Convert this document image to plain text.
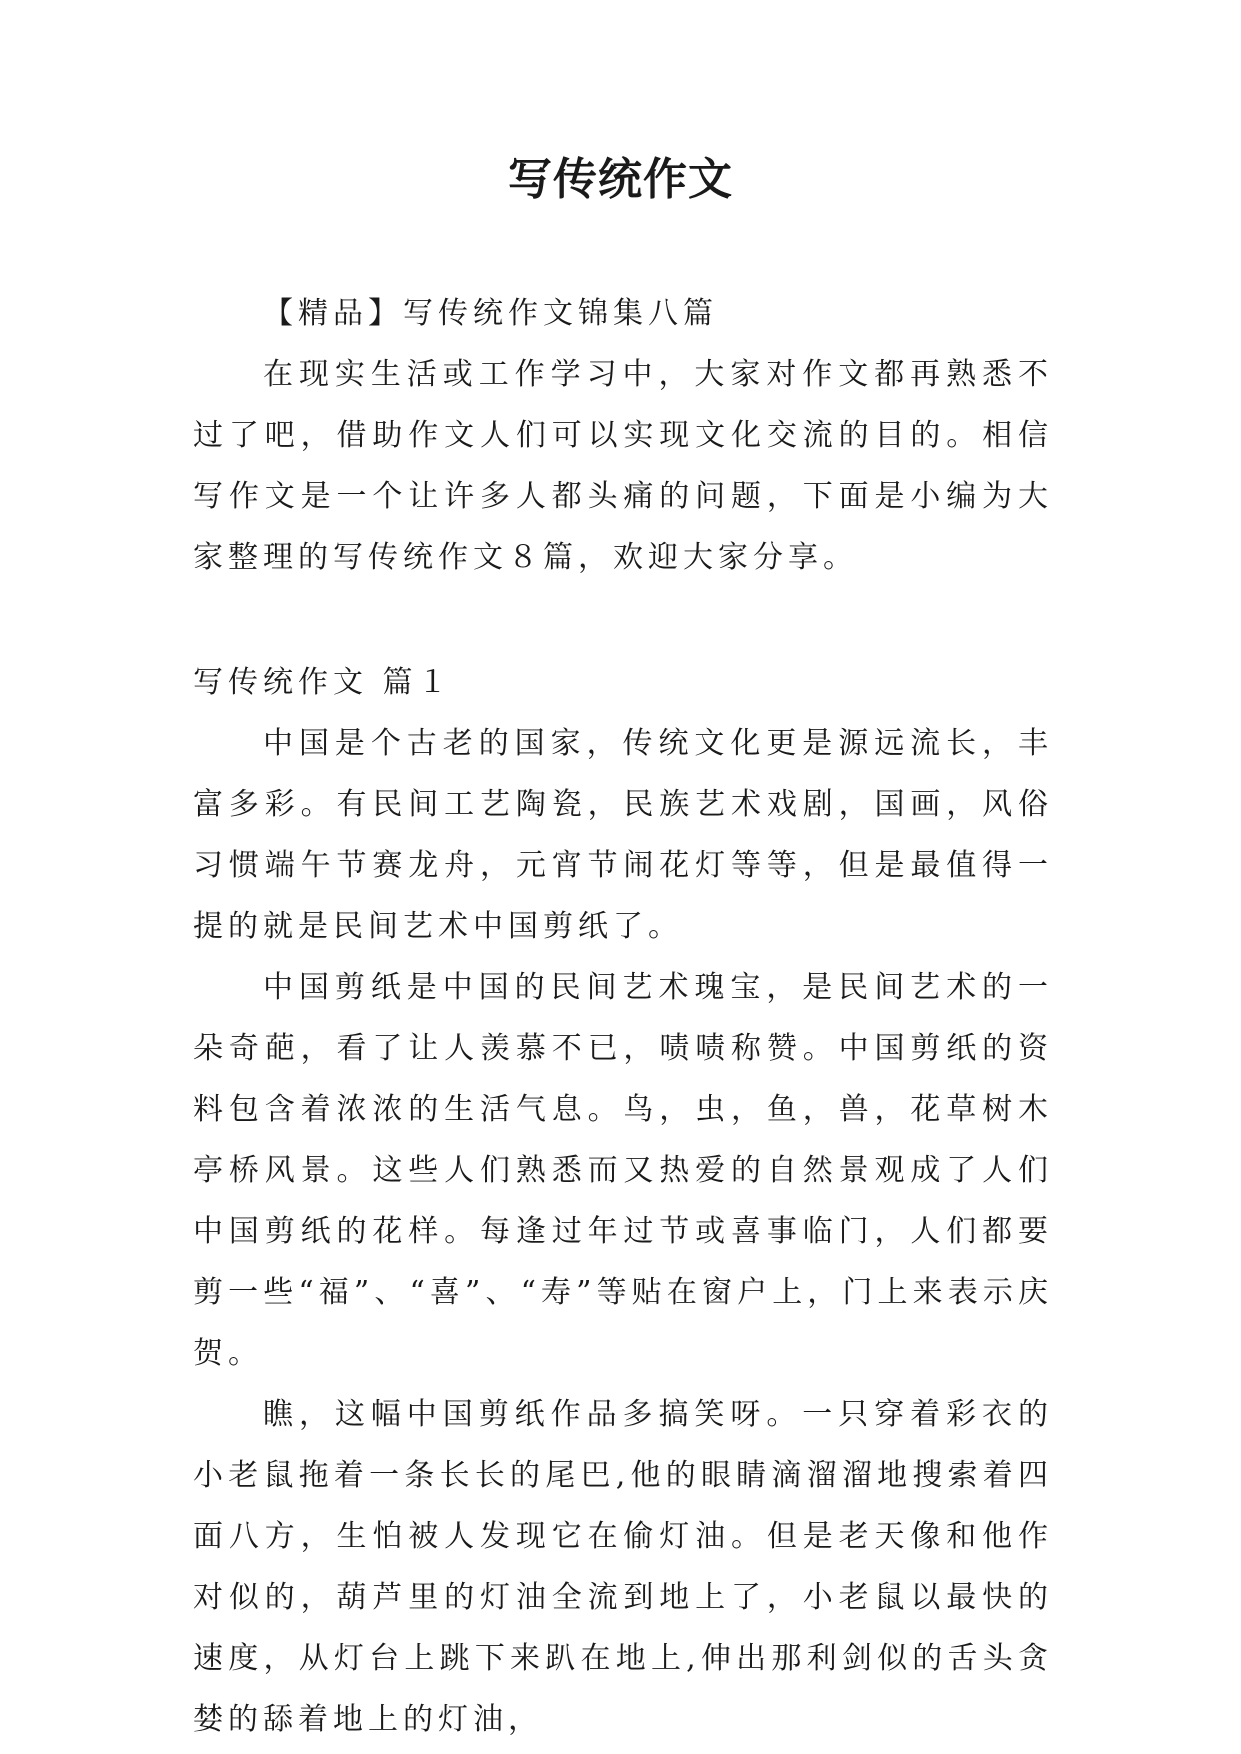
写传统作文

【精品】写传统作文锦集八篇

在现实生活或工作学习中，大家对作文都再熟悉不过了吧，借助作文人们可以实现文化交流的目的。相信写作文是一个让许多人都头痛的问题，下面是小编为大家整理的写传统作文８篇，欢迎大家分享。

写传统作文 篇１

中国是个古老的国家，传统文化更是源远流长，丰富多彩。有民间工艺陶瓷，民族艺术戏剧，国画，风俗习惯端午节赛龙舟，元宵节闹花灯等等，但是最值得一提的就是民间艺术中国剪纸了。

中国剪纸是中国的民间艺术瑰宝，是民间艺术的一朵奇葩，看了让人羡慕不已，啧啧称赞。中国剪纸的资料包含着浓浓的生活气息。鸟，虫，鱼，兽，花草树木亭桥风景。这些人们熟悉而又热爱的自然景观成了人们中国剪纸的花样。每逢过年过节或喜事临门，人们都要剪一些“福”、“喜”、“寿”等贴在窗户上，门上来表示庆贺。

瞧，这幅中国剪纸作品多搞笑呀。一只穿着彩衣的小老鼠拖着一条长长的尾巴,他的眼睛滴溜溜地搜索着四面八方，生怕被人发现它在偷灯油。但是老天像和他作对似的，葫芦里的灯油全流到地上了，小老鼠以最快的速度，从灯台上跳下来趴在地上,伸出那利剑似的舌头贪婪的舔着地上的灯油，
